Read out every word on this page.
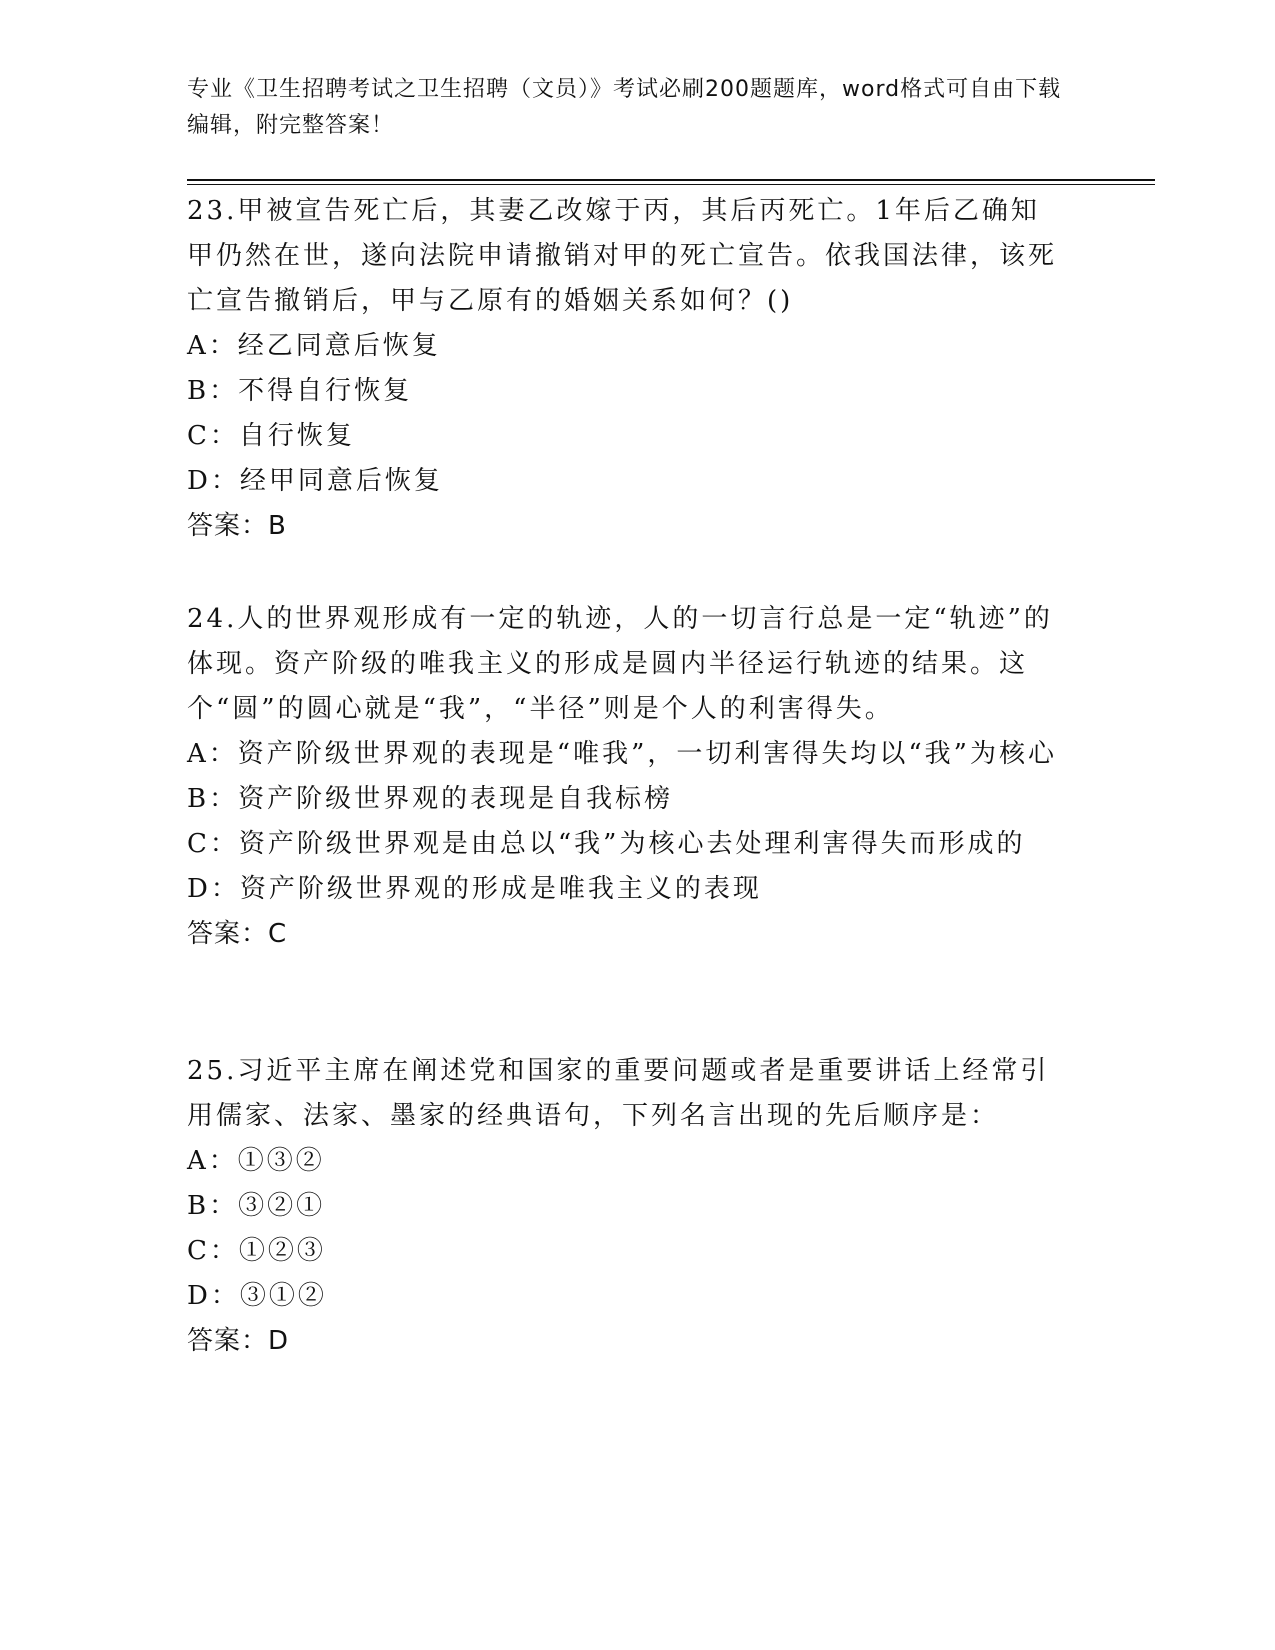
专业《卫生招聘考试之卫生招聘（文员）》考试必刷200题题库，word格式可自由下载编辑，附完整答案！

23.甲被宣告死亡后，其妻乙改嫁于丙，其后丙死亡。1年后乙确知甲仍然在世，遂向法院申请撤销对甲的死亡宣告。依我国法律，该死亡宣告撤销后，甲与乙原有的婚姻关系如何？()

A：经乙同意后恢复

B：不得自行恢复

C：自行恢复

D：经甲同意后恢复

答案：B

24.人的世界观形成有一定的轨迹，人的一切言行总是一定“轨迹”的体现。资产阶级的唯我主义的形成是圆内半径运行轨迹的结果。这个“圆”的圆心就是“我”，“半径”则是个人的利害得失。

A：资产阶级世界观的表现是“唯我”，一切利害得失均以“我”为核心

B：资产阶级世界观的表现是自我标榜

C：资产阶级世界观是由总以“我”为核心去处理利害得失而形成的

D：资产阶级世界观的形成是唯我主义的表现

答案：C

25.习近平主席在阐述党和国家的重要问题或者是重要讲话上经常引用儒家、法家、墨家的经典语句，下列名言出现的先后顺序是：

A：①③②

B：③②①

C：①②③

D：③①②

答案：D
